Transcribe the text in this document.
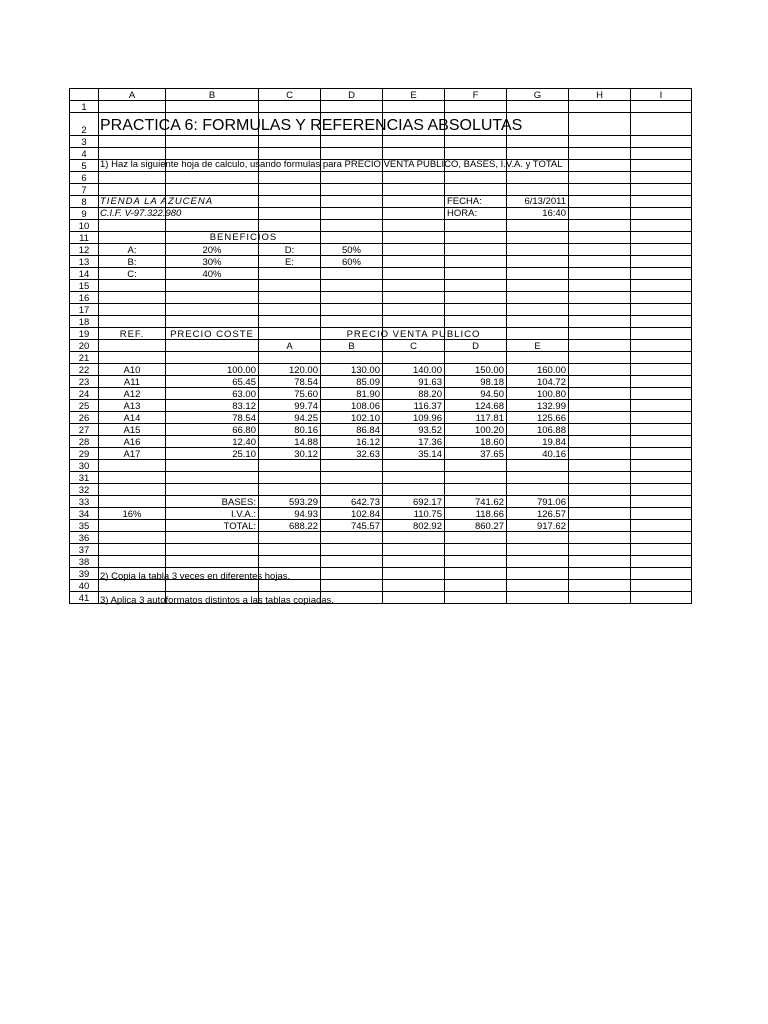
	A	B	C	D	E	F	G	H	I
1									
2									
3									
4									
5									
6									
7									
8									
9									
10									
11									
12	A:	20%	D:	50%					
13	B:	30%	E:	60%					
14	C:	40%							
15									
16									
17									
18									
19									
20			A	B	C	D	E		
21									
22	A10	100.00	120.00	130.00	140.00	150.00	160.00		
23	A11	65.45	78.54	85.09	91.63	98.18	104.72		
24	A12	63.00	75.60	81.90	88.20	94.50	100.80		
25	A13	83.12	99.74	108.06	116.37	124.68	132.99		
26	A14	78.54	94.25	102.10	109.96	117.81	125.66		
27	A15	66.80	80.16	86.84	93.52	100.20	106.88		
28	A16	12.40	14.88	16.12	17.36	18.60	19.84		
29	A17	25.10	30.12	32.63	35.14	37.65	40.16		
30									
31									
32									
33		BASES:	593.29	642.73	692.17	741.62	791.06		
34	16%	I.V.A.:	94.93	102.84	110.75	118.66	126.57		
35		TOTAL:	688.22	745.57	802.92	860.27	917.62		
36									
37									
38									
39									
40									
41									
PRACTICA 6: FORMULAS Y REFERENCIAS ABSOLUTAS
1) Haz la siguiente hoja de calculo, usando formulas para PRECIO VENTA PUBLICO, BASES, I.V.A. y TOTAL
TIENDA LA AZUCENA
C.I.F. V-97.322.980
FECHA:	6/13/2011
HORA:	16:40
BENEFICIOS
REF.	PRECIO COSTE	PRECIO VENTA PUBLICO
2) Copia la tabla 3 veces en diferentes hojas.
3) Aplica 3 autoformatos distintos a las tablas copiadas.
